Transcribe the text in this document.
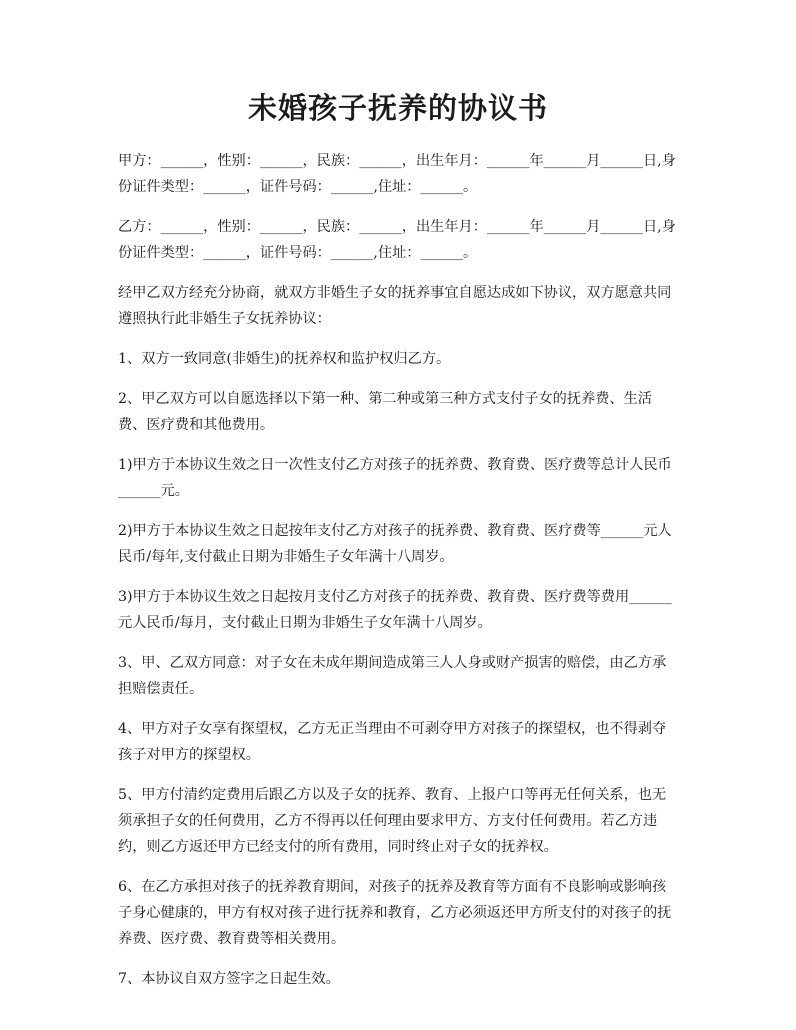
未婚孩子抚养的协议书

甲方：______，性别：______，民族：______，出生年月：______年______月______日,身份证件类型：______，证件号码：______,住址：______。

乙方：______，性别：______，民族：______，出生年月：______年______月______日,身份证件类型：______，证件号码：______,住址：______。

经甲乙双方经充分协商，就双方非婚生子女的抚养事宜自愿达成如下协议，双方愿意共同遵照执行此非婚生子女抚养协议：

1、双方一致同意(非婚生)的抚养权和监护权归乙方。

2、甲乙双方可以自愿选择以下第一种、第二种或第三种方式支付子女的抚养费、生活费、医疗费和其他费用。

1)甲方于本协议生效之日一次性支付乙方对孩子的抚养费、教育费、医疗费等总计人民币______元。

2)甲方于本协议生效之日起按年支付乙方对孩子的抚养费、教育费、医疗费等______元人民币/每年,支付截止日期为非婚生子女年满十八周岁。

3)甲方于本协议生效之日起按月支付乙方对孩子的抚养费、教育费、医疗费等费用______元人民币/每月，支付截止日期为非婚生子女年满十八周岁。

3、甲、乙双方同意：对子女在未成年期间造成第三人人身或财产损害的赔偿，由乙方承担赔偿责任。

4、甲方对子女享有探望权，乙方无正当理由不可剥夺甲方对孩子的探望权，也不得剥夺孩子对甲方的探望权。

5、甲方付清约定费用后跟乙方以及子女的抚养、教育、上报户口等再无任何关系，也无须承担子女的任何费用，乙方不得再以任何理由要求甲方、方支付任何费用。若乙方违约，则乙方返还甲方已经支付的所有费用，同时终止对子女的抚养权。

6、在乙方承担对孩子的抚养教育期间，对孩子的抚养及教育等方面有不良影响或影响孩子身心健康的，甲方有权对孩子进行抚养和教育，乙方必须返还甲方所支付的对孩子的抚养费、医疗费、教育费等相关费用。

7、本协议自双方签字之日起生效。
